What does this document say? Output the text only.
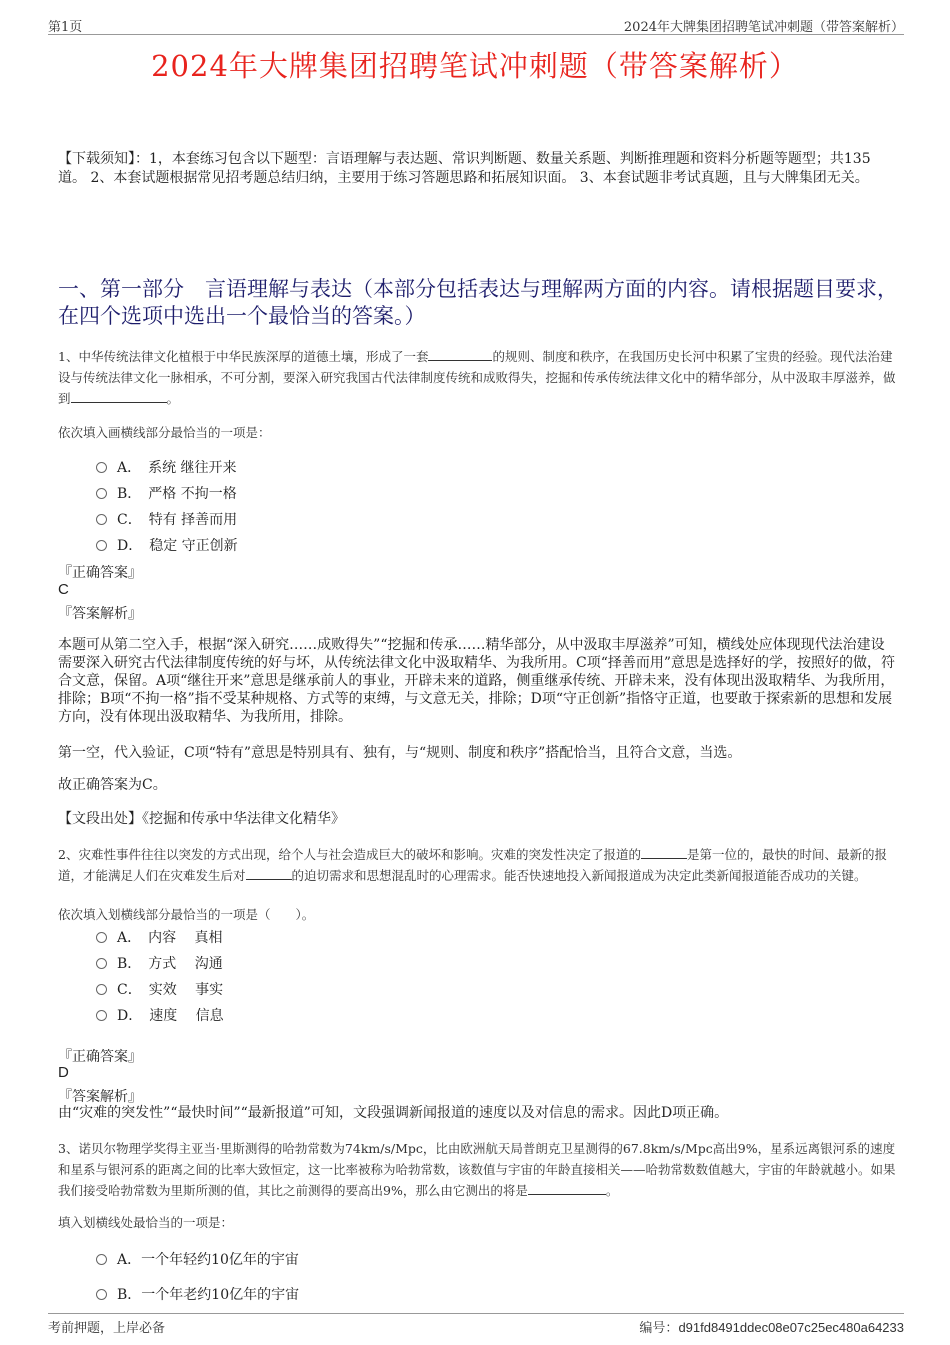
第1页	2024年大牌集团招聘笔试冲刺题（带答案解析）
2024年大牌集团招聘笔试冲刺题（带答案解析）
【下载须知】：1，本套练习包含以下题型：言语理解与表达题、常识判断题、数量关系题、判断推理题和资料分析题等题型；共135道。 2、本套试题根据常见招考题总结归纳，主要用于练习答题思路和拓展知识面。 3、本套试题非考试真题，且与大牌集团无关。
一、第一部分　言语理解与表达（本部分包括表达与理解两方面的内容。请根据题目要求，在四个选项中选出一个最恰当的答案。）
1、中华传统法律文化植根于中华民族深厚的道德土壤，形成了一套	的规则、制度和秩序，在我国历史长河中积累了宝贵的经验。现代法治建设与传统法律文化一脉相承，不可分割，要深入研究我国古代法律制度传统和成败得失，挖掘和传承传统法律文化中的精华部分，从中汲取丰厚滋养，做到	。
依次填入画横线部分最恰当的一项是：
A．　系统 继往开来
B．　严格 不拘一格
C．　特有 择善而用
D．　稳定 守正创新
『正确答案』
C
『答案解析』
本题可从第二空入手，根据“深入研究……成败得失”“挖掘和传承……精华部分，从中汲取丰厚滋养”可知，横线处应体现现代法治建设需要深入研究古代法律制度传统的好与坏，从传统法律文化中汲取精华、为我所用。C项“择善而用”意思是选择好的学，按照好的做，符合文意，保留。A项“继往开来”意思是继承前人的事业，开辟未来的道路，侧重继承传统、开辟未来，没有体现出汲取精华、为我所用，排除；B项“不拘一格”指不受某种规格、方式等的束缚，与文意无关，排除；D项“守正创新”指恪守正道，也要敢于探索新的思想和发展方向，没有体现出汲取精华、为我所用，排除。
第一空，代入验证，C项“特有”意思是特别具有、独有，与“规则、制度和秩序”搭配恰当，且符合文意，当选。
故正确答案为C。
【文段出处】《挖掘和传承中华法律文化精华》
2、灾难性事件往往以突发的方式出现，给个人与社会造成巨大的破坏和影响。灾难的突发性决定了报道的	是第一位的，最快的时间、最新的报道，才能满足人们在灾难发生后对	的迫切需求和思想混乱时的心理需求。能否快速地投入新闻报道成为决定此类新闻报道能否成功的关键。
依次填入划横线部分最恰当的一项是（　　）。
A．　内容　 真相
B．　方式　 沟通
C．　实效　 事实
D．　速度　 信息
『正确答案』
D
『答案解析』
由“灾难的突发性”“最快时间”“最新报道”可知，文段强调新闻报道的速度以及对信息的需求。因此D项正确。
3、诺贝尔物理学奖得主亚当·里斯测得的哈勃常数为74km/s/Mpc，比由欧洲航天局普朗克卫星测得的67.8km/s/Mpc高出9%，星系远离银河系的速度和星系与银河系的距离之间的比率大致恒定，这一比率被称为哈勃常数，该数值与宇宙的年龄直接相关——哈勃常数数值越大，宇宙的年龄就越小。如果我们接受哈勃常数为里斯所测的值，其比之前测得的要高出9%，那么由它测出的将是	。
填入划横线处最恰当的一项是：
A．一个年轻约10亿年的宇宙
B．一个年老约10亿年的宇宙
考前押题，上岸必备	编号：d91fd8491ddec08e07c25ec480a64233
